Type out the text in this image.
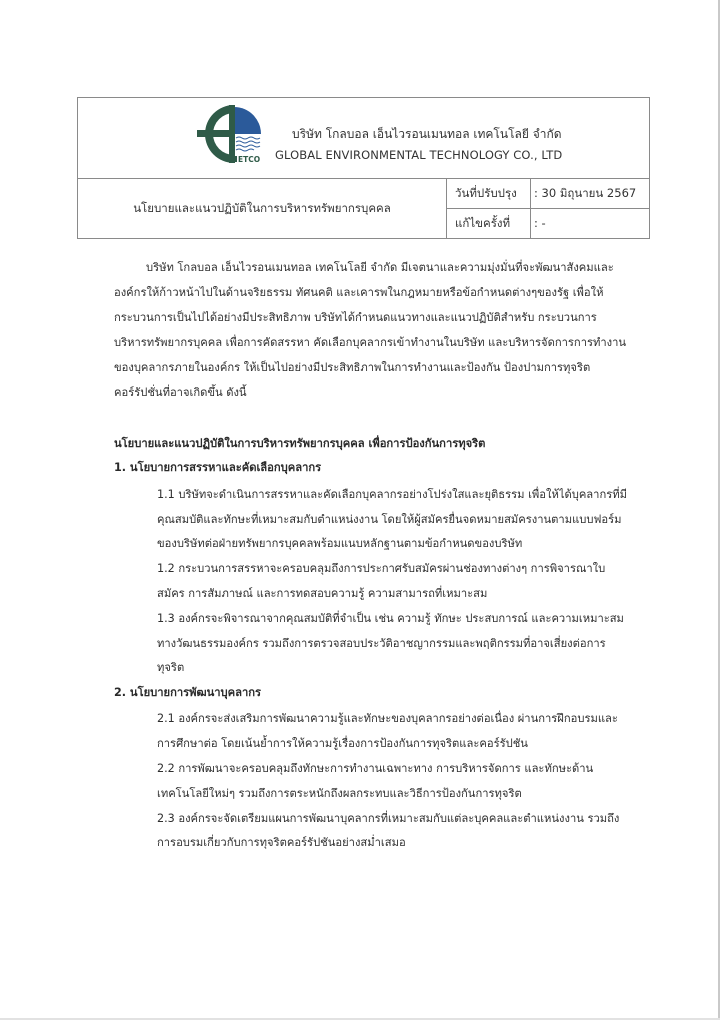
ETCO
บริษัท โกลบอล เอ็นไวรอนเมนทอล เทคโนโลยี จำกัด
GLOBAL ENVIRONMENTAL TECHNOLOGY CO., LTD
นโยบายและแนวปฏิบัติในการบริหารทรัพยากรบุคคล
วันที่ปรับปรุง	: 30 มิถุนายน 2567
แก้ไขครั้งที่	: -
บริษัท โกลบอล เอ็นไวรอนเมนทอล เทคโนโลยี จำกัด มีเจตนาและความมุ่งมั่นที่จะพัฒนาสังคมและ
องค์กรให้ก้าวหน้าไปในด้านจริยธรรม ทัศนคติ และเคารพในกฎหมายหรือข้อกำหนดต่างๆของรัฐ เพื่อให้
กระบวนการเป็นไปได้อย่างมีประสิทธิภาพ บริษัทได้กำหนดแนวทางและแนวปฏิบัติสำหรับ กระบวนการ
บริหารทรัพยากรบุคคล เพื่อการคัดสรรหา คัดเลือกบุคลากรเข้าทำงานในบริษัท และบริหารจัดการการทำงาน
ของบุคลากรภายในองค์กร ให้เป็นไปอย่างมีประสิทธิภาพในการทำงานและป้องกัน ป้องปามการทุจริต
คอร์รัปชั่นที่อาจเกิดขึ้น ดังนี้
นโยบายและแนวปฏิบัติในการบริหารทรัพยากรบุคคล เพื่อการป้องกันการทุจริต
1. นโยบายการสรรหาและคัดเลือกบุคลากร
1.1 บริษัทจะดำเนินการสรรหาและคัดเลือกบุคลากรอย่างโปร่งใสและยุติธรรม เพื่อให้ได้บุคลากรที่มี
คุณสมบัติและทักษะที่เหมาะสมกับตำแหน่งงาน โดยให้ผู้สมัครยื่นจดหมายสมัครงานตามแบบฟอร์ม
ของบริษัทต่อฝ่ายทรัพยากรบุคคลพร้อมแนบหลักฐานตามข้อกำหนดของบริษัท
1.2 กระบวนการสรรหาจะครอบคลุมถึงการประกาศรับสมัครผ่านช่องทางต่างๆ การพิจารณาใบ
สมัคร การสัมภาษณ์ และการทดสอบความรู้ ความสามารถที่เหมาะสม
1.3 องค์กรจะพิจารณาจากคุณสมบัติที่จำเป็น เช่น ความรู้ ทักษะ ประสบการณ์ และความเหมาะสม
ทางวัฒนธรรมองค์กร รวมถึงการตรวจสอบประวัติอาชญากรรมและพฤติกรรมที่อาจเสี่ยงต่อการ
ทุจริต
2. นโยบายการพัฒนาบุคลากร
2.1 องค์กรจะส่งเสริมการพัฒนาความรู้และทักษะของบุคลากรอย่างต่อเนื่อง ผ่านการฝึกอบรมและ
การศึกษาต่อ โดยเน้นย้ำการให้ความรู้เรื่องการป้องกันการทุจริตและคอร์รัปชัน
2.2 การพัฒนาจะครอบคลุมถึงทักษะการทำงานเฉพาะทาง การบริหารจัดการ และทักษะด้าน
เทคโนโลยีใหม่ๆ รวมถึงการตระหนักถึงผลกระทบและวิธีการป้องกันการทุจริต
2.3 องค์กรจะจัดเตรียมแผนการพัฒนาบุคลากรที่เหมาะสมกับแต่ละบุคคลและตำแหน่งงาน รวมถึง
การอบรมเกี่ยวกับการทุจริตคอร์รัปชันอย่างสม่ำเสมอ
